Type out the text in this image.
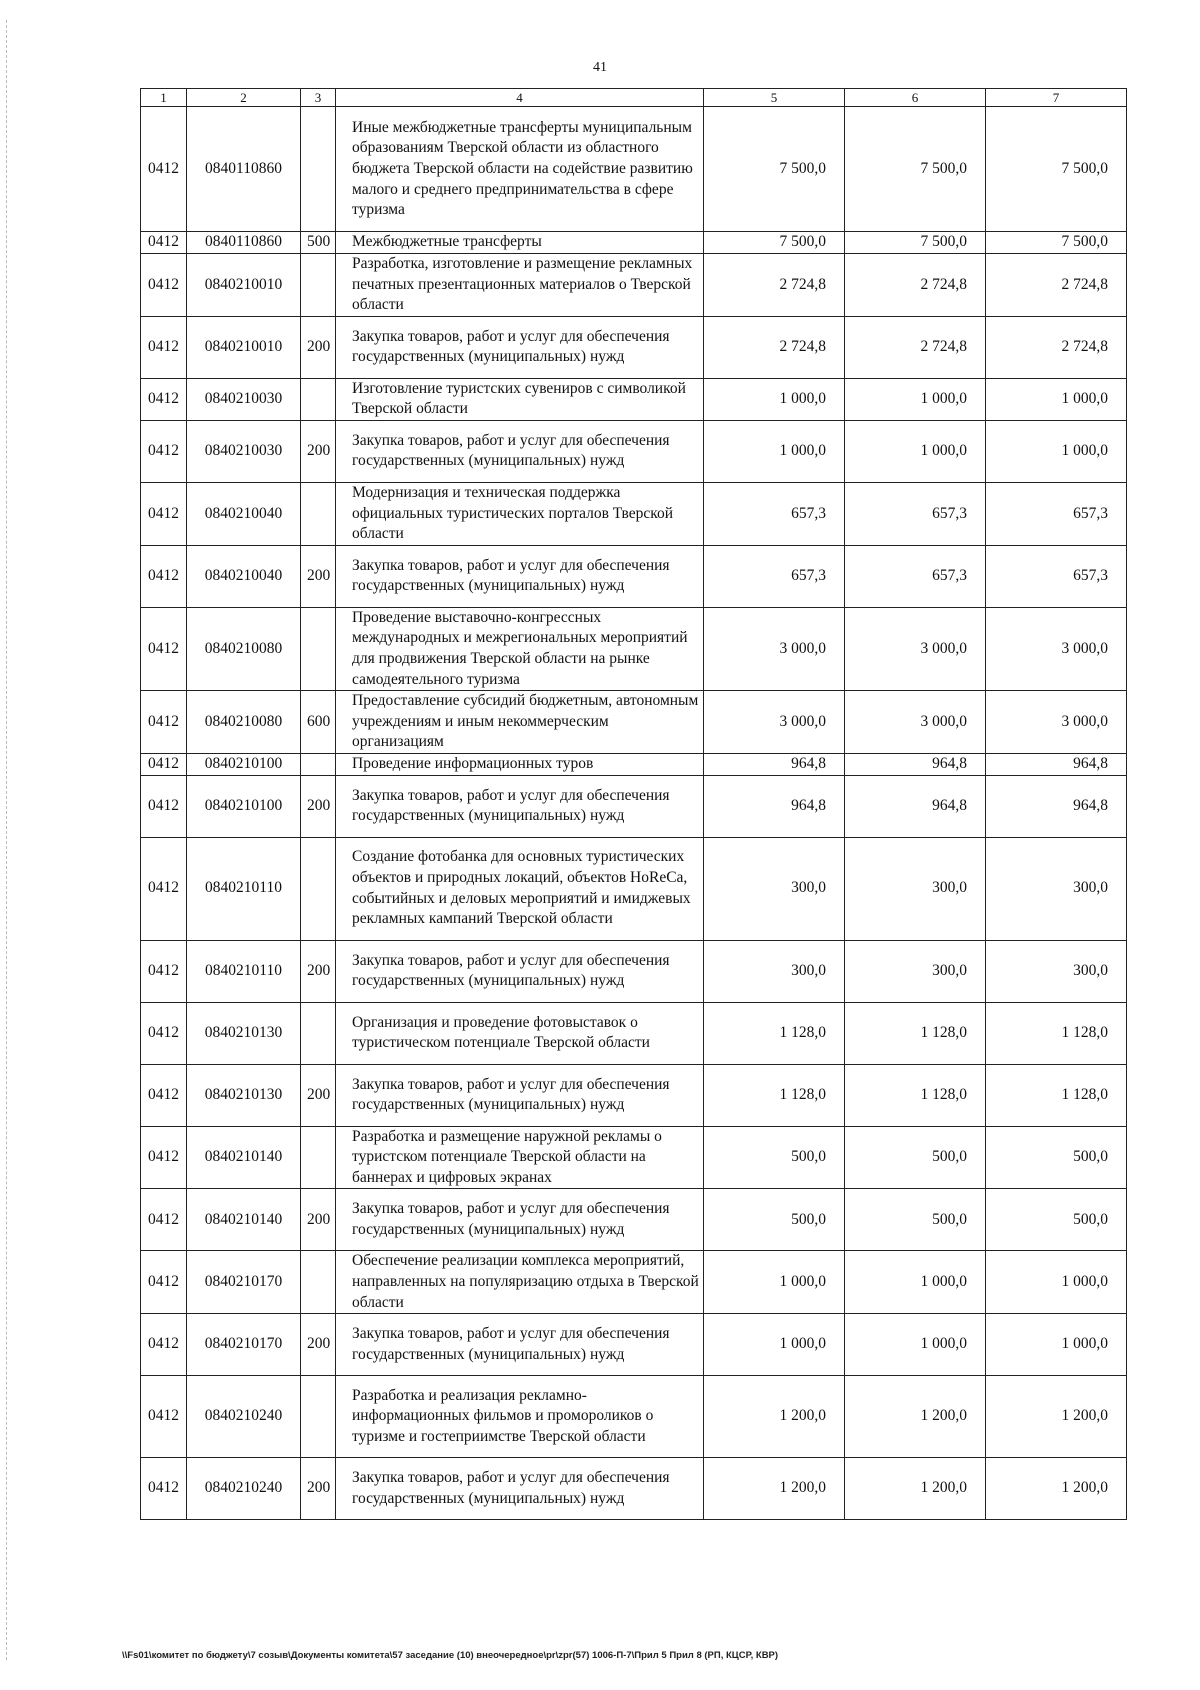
41
1	2	3	4	5	6	7
0412	0840110860		Иные межбюджетные трансферты муниципальным образованиям Тверской области из областного бюджета Тверской области на содействие развитию малого и среднего предпринимательства в сфере туризма	7 500,0	7 500,0	7 500,0
0412	0840110860	500	Межбюджетные трансферты	7 500,0	7 500,0	7 500,0
0412	0840210010		Разработка, изготовление и размещение рекламных печатных презентационных материалов о Тверской области	2 724,8	2 724,8	2 724,8
0412	0840210010	200	Закупка товаров, работ и услуг для обеспечения государственных (муниципальных) нужд	2 724,8	2 724,8	2 724,8
0412	0840210030		Изготовление туристских сувениров с символикой Тверской области	1 000,0	1 000,0	1 000,0
0412	0840210030	200	Закупка товаров, работ и услуг для обеспечения государственных (муниципальных) нужд	1 000,0	1 000,0	1 000,0
0412	0840210040		Модернизация и техническая поддержка официальных туристических порталов Тверской области	657,3	657,3	657,3
0412	0840210040	200	Закупка товаров, работ и услуг для обеспечения государственных (муниципальных) нужд	657,3	657,3	657,3
0412	0840210080		Проведение выставочно-конгрессных международных и межрегиональных мероприятий для продвижения Тверской области на рынке самодеятельного туризма	3 000,0	3 000,0	3 000,0
0412	0840210080	600	Предоставление субсидий бюджетным, автономным учреждениям и иным некоммерческим организациям	3 000,0	3 000,0	3 000,0
0412	0840210100		Проведение информационных туров	964,8	964,8	964,8
0412	0840210100	200	Закупка товаров, работ и услуг для обеспечения государственных (муниципальных) нужд	964,8	964,8	964,8
0412	0840210110		Создание фотобанка для основных туристических объектов и природных локаций, объектов HoReCa, событийных и деловых мероприятий и имиджевых рекламных кампаний Тверской области	300,0	300,0	300,0
0412	0840210110	200	Закупка товаров, работ и услуг для обеспечения государственных (муниципальных) нужд	300,0	300,0	300,0
0412	0840210130		Организация и проведение фотовыставок о туристическом потенциале Тверской области	1 128,0	1 128,0	1 128,0
0412	0840210130	200	Закупка товаров, работ и услуг для обеспечения государственных (муниципальных) нужд	1 128,0	1 128,0	1 128,0
0412	0840210140		Разработка и размещение наружной рекламы о туристском потенциале Тверской области на баннерах и цифровых экранах	500,0	500,0	500,0
0412	0840210140	200	Закупка товаров, работ и услуг для обеспечения государственных (муниципальных) нужд	500,0	500,0	500,0
0412	0840210170		Обеспечение реализации комплекса мероприятий, направленных на популяризацию отдыха в Тверской области	1 000,0	1 000,0	1 000,0
0412	0840210170	200	Закупка товаров, работ и услуг для обеспечения государственных (муниципальных) нужд	1 000,0	1 000,0	1 000,0
0412	0840210240		Разработка и реализация рекламно-информационных фильмов и промороликов о туризме и гостеприимстве Тверской области	1 200,0	1 200,0	1 200,0
0412	0840210240	200	Закупка товаров, работ и услуг для обеспечения государственных (муниципальных) нужд	1 200,0	1 200,0	1 200,0
\\Fs01\комитет по бюджету\7 созыв\Документы комитета\57 заседание (10) внеочередное\pr\zpr(57) 1006-П-7\Прил 5 Прил 8 (РП, КЦСР, КВР)
